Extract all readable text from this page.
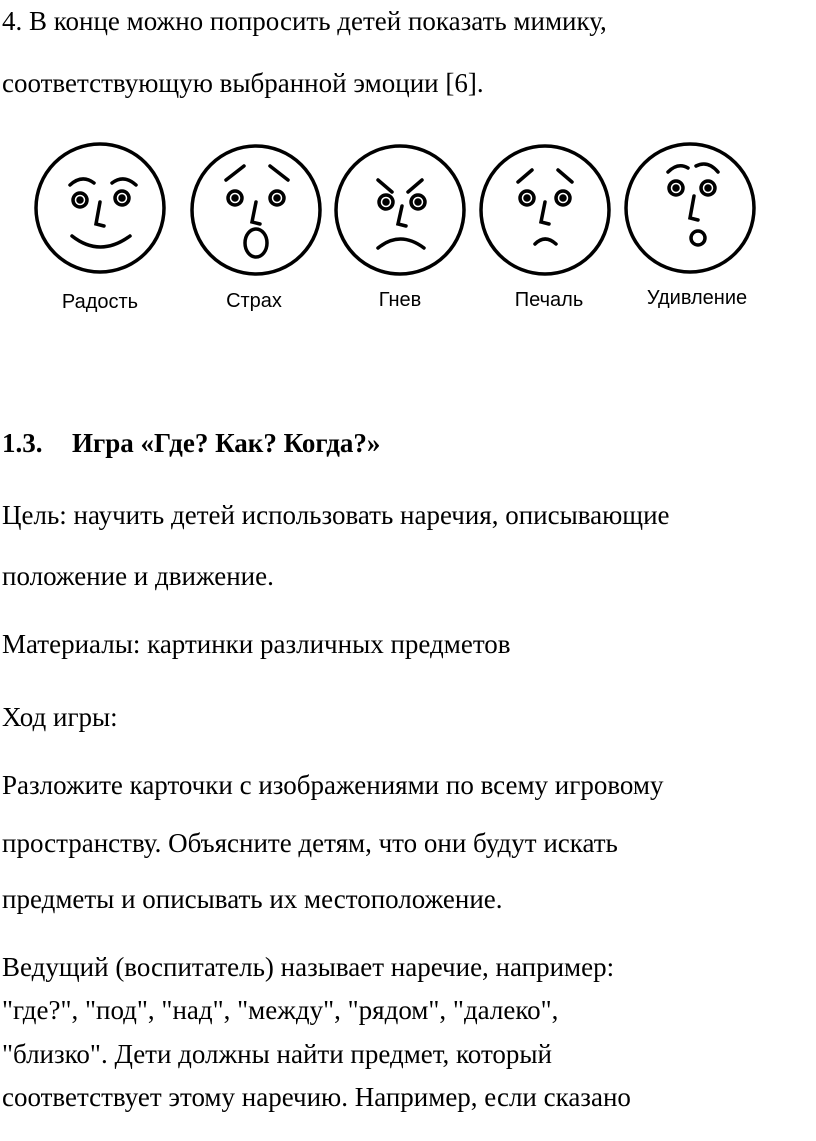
4. В конце можно попросить детей показать мимику,
соответствующую выбранной эмоции [6].
Радость	Страх	Гнев	Печаль	Удивление
1.3. Игра «Где? Как? Когда?»
Цель: научить детей использовать наречия, описывающие
положение и движение.
Материалы: картинки различных предметов
Ход игры:
Разложите карточки с изображениями по всему игровому
пространству. Объясните детям, что они будут искать
предметы и описывать их местоположение.
Ведущий (воспитатель) называет наречие, например:
"где?", "под", "над", "между", "рядом", "далеко",
"близко". Дети должны найти предмет, который
соответствует этому наречию. Например, если сказано
